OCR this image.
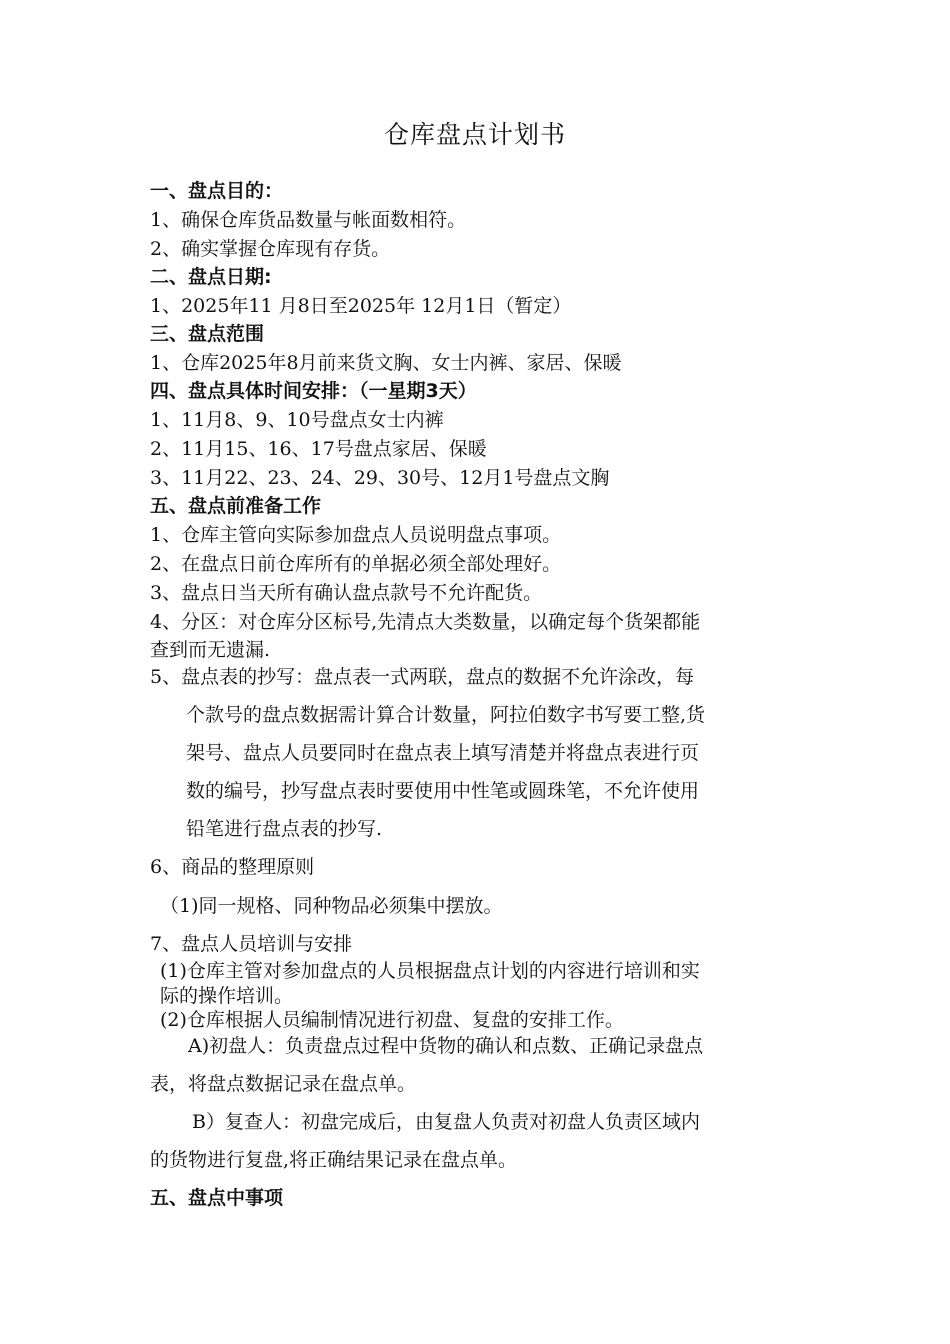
仓库盘点计划书

一、盘点目的：

1、确保仓库货品数量与帐面数相符。

2、确实掌握仓库现有存货。

二、盘点日期:

1、2025年11 月8日至2025年 12月1日（暂定）

三、盘点范围

1、仓库2025年8月前来货文胸、女士内裤、家居、保暖

四、盘点具体时间安排：（一星期3天）

1、11月8、9、10号盘点女士内裤

2、11月15、16、17号盘点家居、保暖

3、11月22、23、24、29、30号、12月1号盘点文胸

五、盘点前准备工作

1、仓库主管向实际参加盘点人员说明盘点事项。

2、在盘点日前仓库所有的单据必须全部处理好。

3、盘点日当天所有确认盘点款号不允许配货。

4、分区：对仓库分区标号,先清点大类数量，以确定每个货架都能

查到而无遗漏.

5、盘点表的抄写：盘点表一式两联，盘点的数据不允许涂改，每

个款号的盘点数据需计算合计数量，阿拉伯数字书写要工整,货

架号、盘点人员要同时在盘点表上填写清楚并将盘点表进行页

数的编号，抄写盘点表时要使用中性笔或圆珠笔，不允许使用

铅笔进行盘点表的抄写.

6、商品的整理原则

（1)同一规格、同种物品必须集中摆放。

7、盘点人员培训与安排

(1)仓库主管对参加盘点的人员根据盘点计划的内容进行培训和实

际的操作培训。

(2)仓库根据人员编制情况进行初盘、复盘的安排工作。

A)初盘人：负责盘点过程中货物的确认和点数、正确记录盘点

表，将盘点数据记录在盘点单。

B）复查人：初盘完成后，由复盘人负责对初盘人负责区域内

的货物进行复盘,将正确结果记录在盘点单。

五、盘点中事项
